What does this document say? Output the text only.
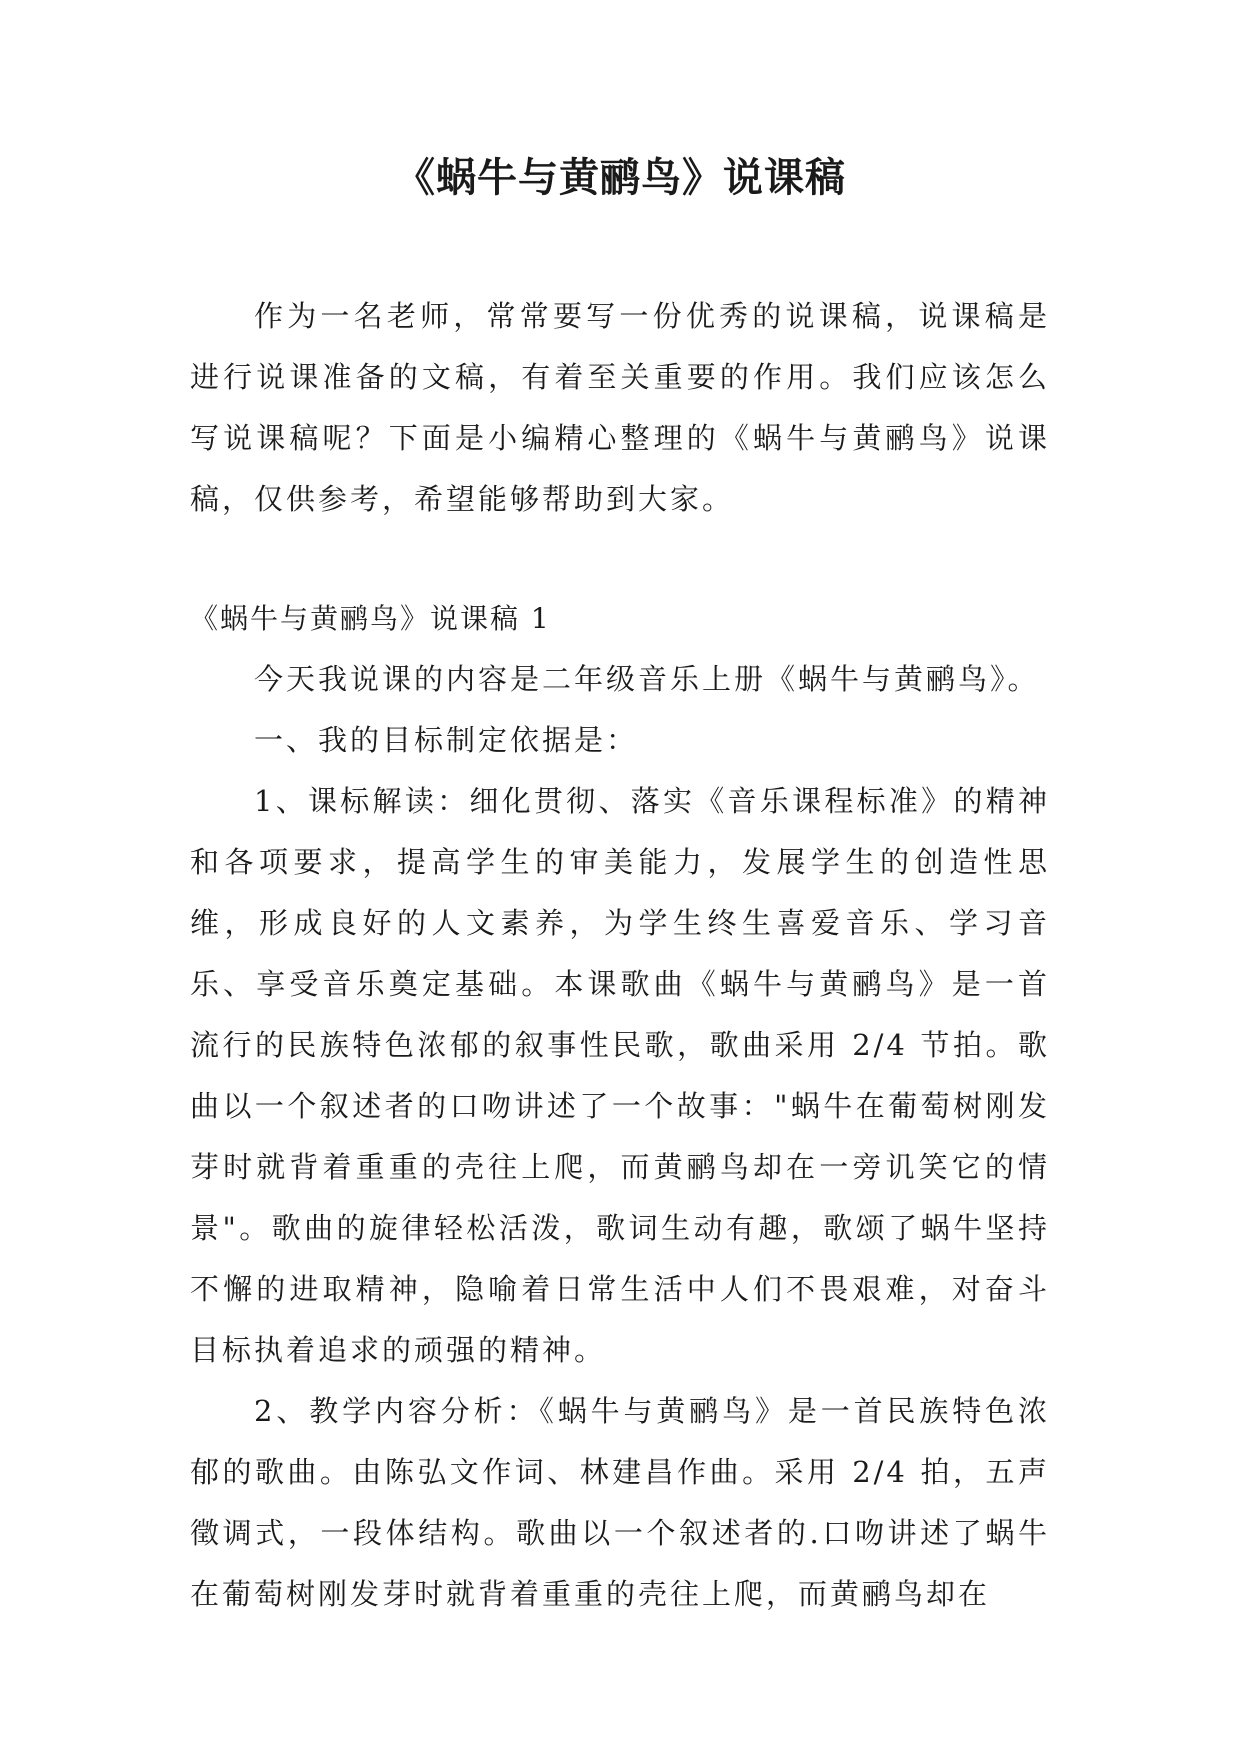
《蜗牛与黄鹂鸟》说课稿

作为一名老师，常常要写一份优秀的说课稿，说课稿是进行说课准备的文稿，有着至关重要的作用。我们应该怎么写说课稿呢？下面是小编精心整理的《蜗牛与黄鹂鸟》说课稿，仅供参考，希望能够帮助到大家。

《蜗牛与黄鹂鸟》说课稿 1

今天我说课的内容是二年级音乐上册《蜗牛与黄鹂鸟》。

一、我的目标制定依据是：

1、课标解读：细化贯彻、落实《音乐课程标准》的精神和各项要求，提高学生的审美能力，发展学生的创造性思维，形成良好的人文素养，为学生终生喜爱音乐、学习音乐、享受音乐奠定基础。本课歌曲《蜗牛与黄鹂鸟》是一首流行的民族特色浓郁的叙事性民歌，歌曲采用 2/4 节拍。歌曲以一个叙述者的口吻讲述了一个故事："蜗牛在葡萄树刚发芽时就背着重重的壳往上爬，而黄鹂鸟却在一旁讥笑它的情景"。歌曲的旋律轻松活泼，歌词生动有趣，歌颂了蜗牛坚持不懈的进取精神，隐喻着日常生活中人们不畏艰难，对奋斗目标执着追求的顽强的精神。

2、教学内容分析：《蜗牛与黄鹂鸟》是一首民族特色浓郁的歌曲。由陈弘文作词、林建昌作曲。采用 2/4 拍，五声徵调式，一段体结构。歌曲以一个叙述者的.口吻讲述了蜗牛在葡萄树刚发芽时就背着重重的壳往上爬，而黄鹂鸟却在
